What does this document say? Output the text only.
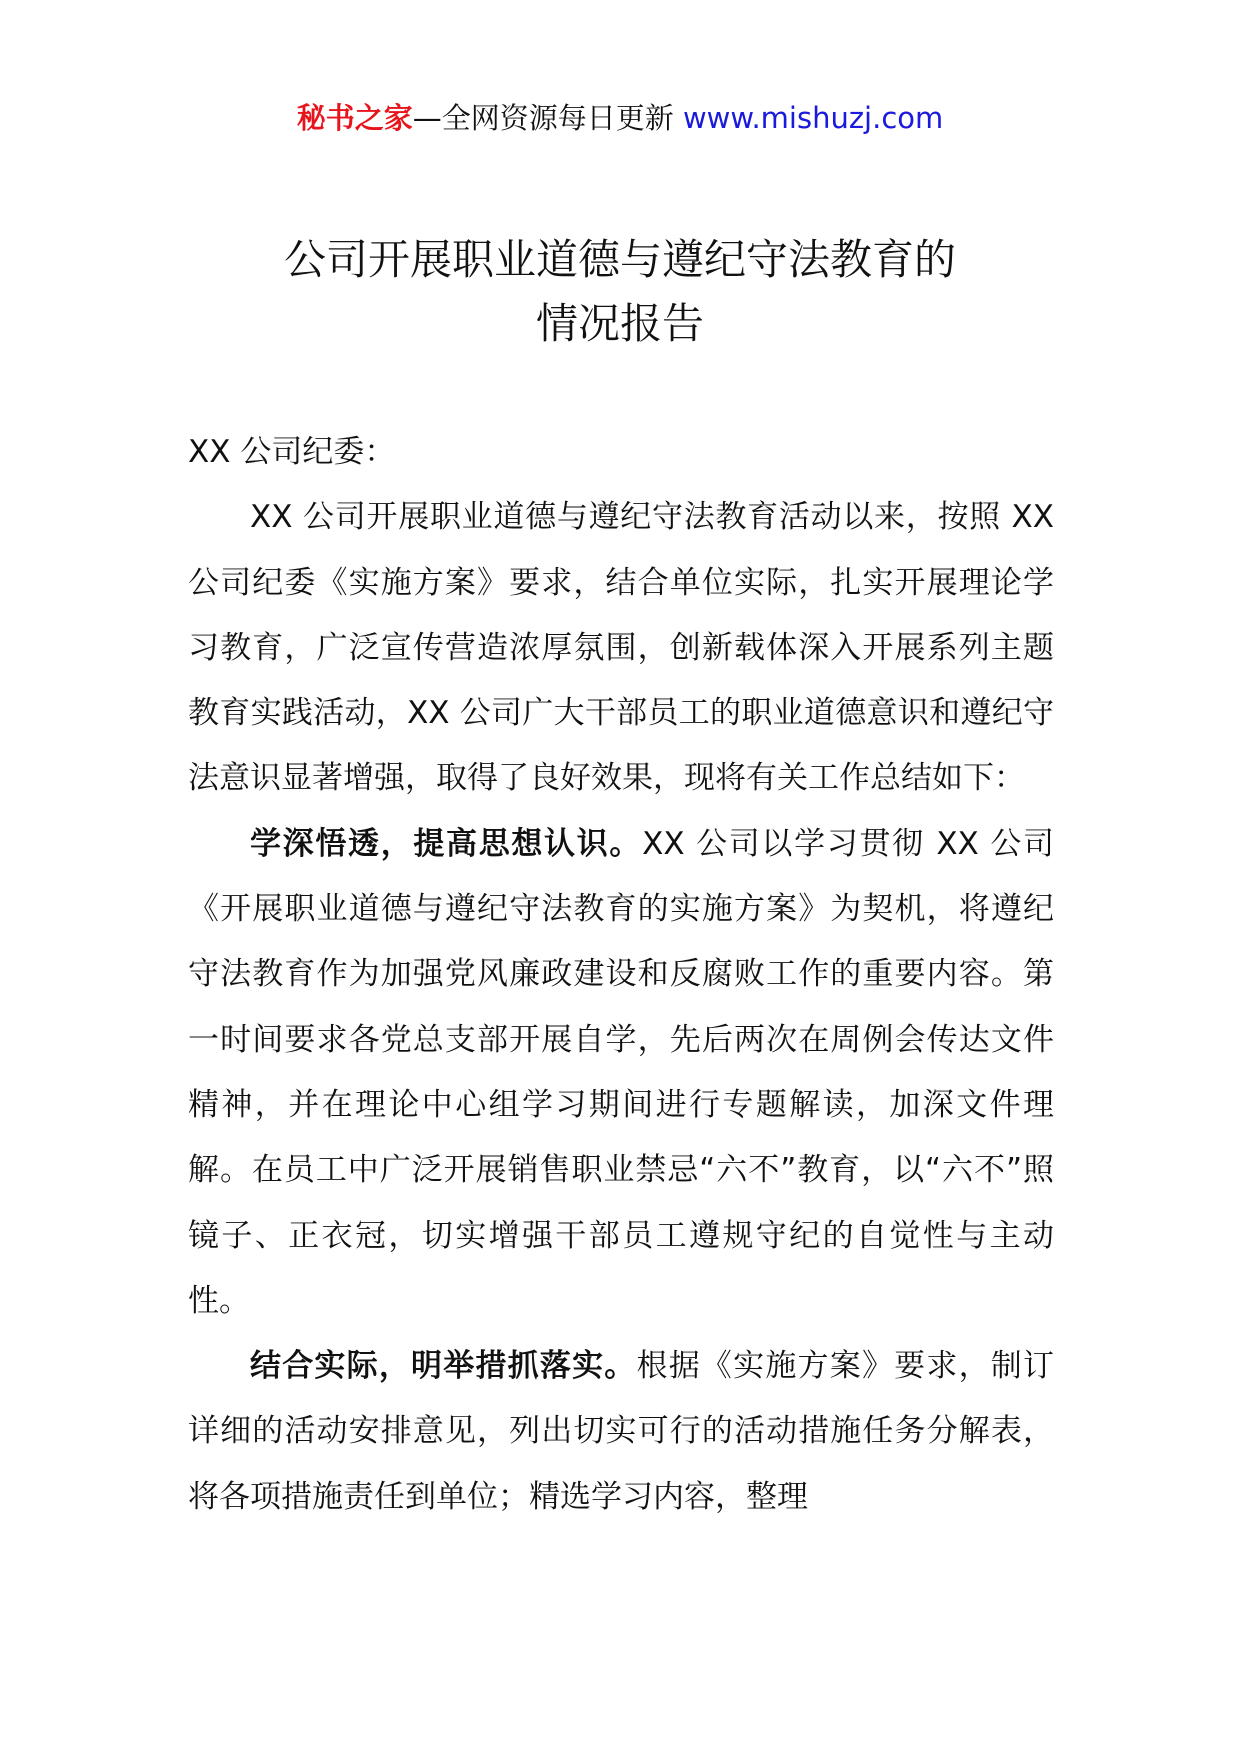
秘书之家—全网资源每日更新 www.mishuzj.com
公司开展职业道德与遵纪守法教育的
情况报告

XX 公司纪委：

XX 公司开展职业道德与遵纪守法教育活动以来，按照 XX 公司纪委《实施方案》要求，结合单位实际，扎实开展理论学习教育，广泛宣传营造浓厚氛围，创新载体深入开展系列主题教育实践活动，XX 公司广大干部员工的职业道德意识和遵纪守法意识显著增强，取得了良好效果，现将有关工作总结如下：

学深悟透，提高思想认识。XX 公司以学习贯彻 XX 公司《开展职业道德与遵纪守法教育的实施方案》为契机，将遵纪守法教育作为加强党风廉政建设和反腐败工作的重要内容。第一时间要求各党总支部开展自学，先后两次在周例会传达文件精神，并在理论中心组学习期间进行专题解读，加深文件理解。在员工中广泛开展销售职业禁忌“六不”教育，以“六不”照镜子、正衣冠，切实增强干部员工遵规守纪的自觉性与主动性。

结合实际，明举措抓落实。根据《实施方案》要求，制订详细的活动安排意见，列出切实可行的活动措施任务分解表，将各项措施责任到单位；精选学习内容，整理
